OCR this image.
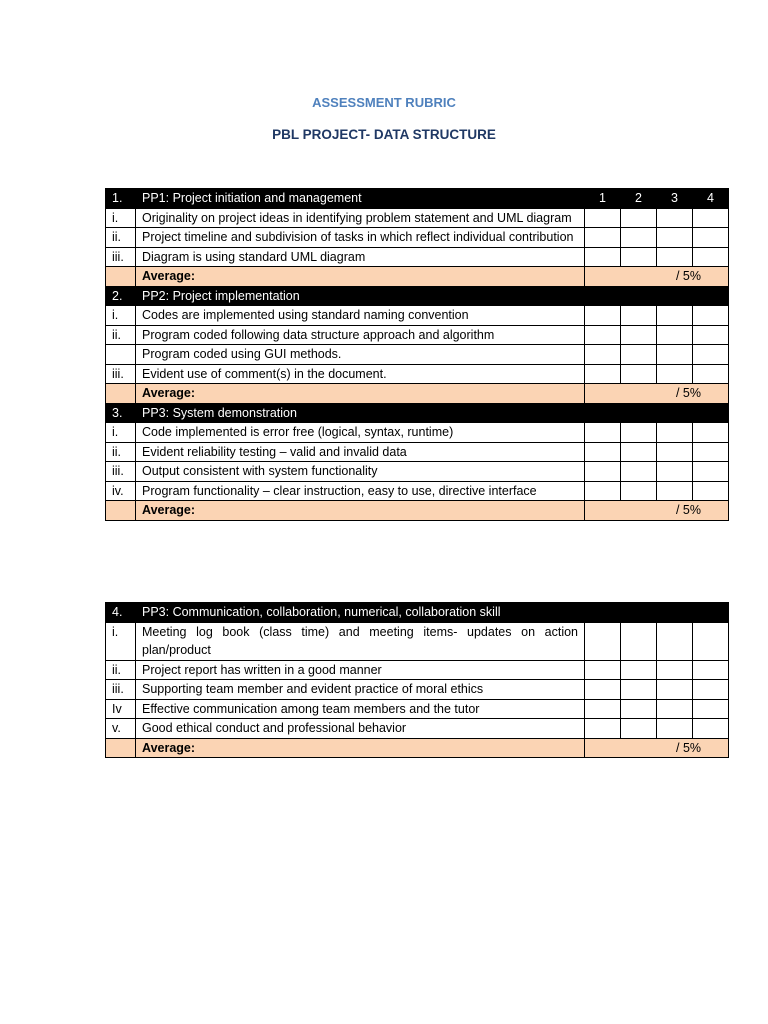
ASSESSMENT RUBRIC
PBL PROJECT- DATA STRUCTURE
1.	PP1: Project initiation and management	1	2	3	4
i.	Originality on project ideas in identifying problem statement and UML diagram				
ii.	Project timeline and subdivision of tasks in which reflect individual contribution				
iii.	Diagram is using standard UML diagram				
	Average:	/ 5%			
2.	PP2: Project implementation				
i.	Codes are implemented using standard naming convention				
ii.	Program coded following data structure approach and algorithm				
	Program coded using GUI methods.				
iii.	Evident use of comment(s) in the document.				
	Average:	/ 5%			
3.	PP3: System demonstration				
i.	Code implemented is error free (logical, syntax, runtime)				
ii.	Evident reliability testing – valid and invalid data				
iii.	Output consistent with system functionality				
iv.	Program functionality – clear instruction, easy to use, directive interface				
	Average:	/ 5%			
4.	PP3: Communication, collaboration, numerical, collaboration skill				
i.	Meeting log book (class time) and meeting items- updates on action plan/product				
ii.	Project report has written in a good manner				
iii.	Supporting team member and evident practice of moral ethics				
Iv	Effective communication among team members and the tutor				
v.	Good ethical conduct and professional behavior				
	Average:	/ 5%			
